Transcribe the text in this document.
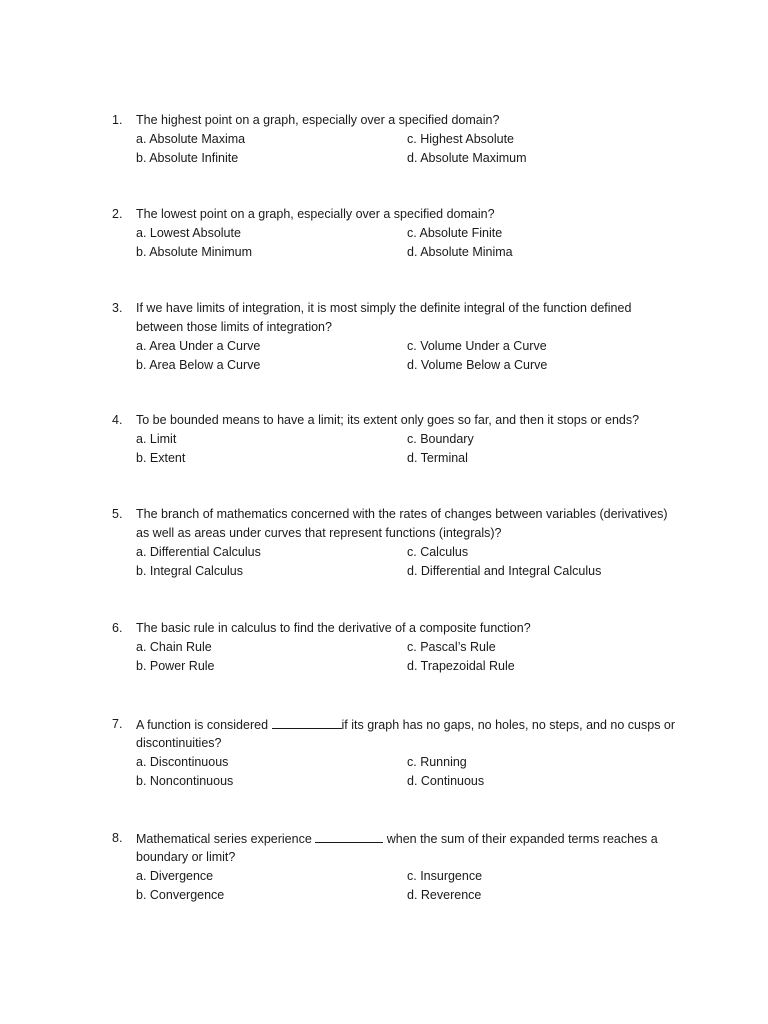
1. The highest point on a graph, especially over a specified domain?
a. Absolute Maxima	c. Highest Absolute
b. Absolute Infinite	d. Absolute Maximum
2. The lowest point on a graph, especially over a specified domain?
a. Lowest Absolute	c. Absolute Finite
b. Absolute Minimum	d. Absolute Minima
3. If we have limits of integration, it is most simply the definite integral of the function defined
between those limits of integration?
a. Area Under a Curve	c. Volume Under a Curve
b. Area Below a Curve	d. Volume Below a Curve
4. To be bounded means to have a limit; its extent only goes so far, and then it stops or ends?
a. Limit	c. Boundary
b. Extent	d. Terminal
5. The branch of mathematics concerned with the rates of changes between variables (derivatives)
as well as areas under curves that represent functions (integrals)?
a. Differential Calculus	c. Calculus
b. Integral Calculus	d. Differential and Integral Calculus
6. The basic rule in calculus to find the derivative of a composite function?
a. Chain Rule	c. Pascal’s Rule
b. Power Rule	d. Trapezoidal Rule
7. A function is considered	if its graph has no gaps, no holes, no steps, and no cusps or
discontinuities?
a. Discontinuous	c. Running
b. Noncontinuous	d. Continuous
8. Mathematical series experience	when the sum of their expanded terms reaches a
boundary or limit?
a. Divergence	c. Insurgence
b. Convergence	d. Reverence
